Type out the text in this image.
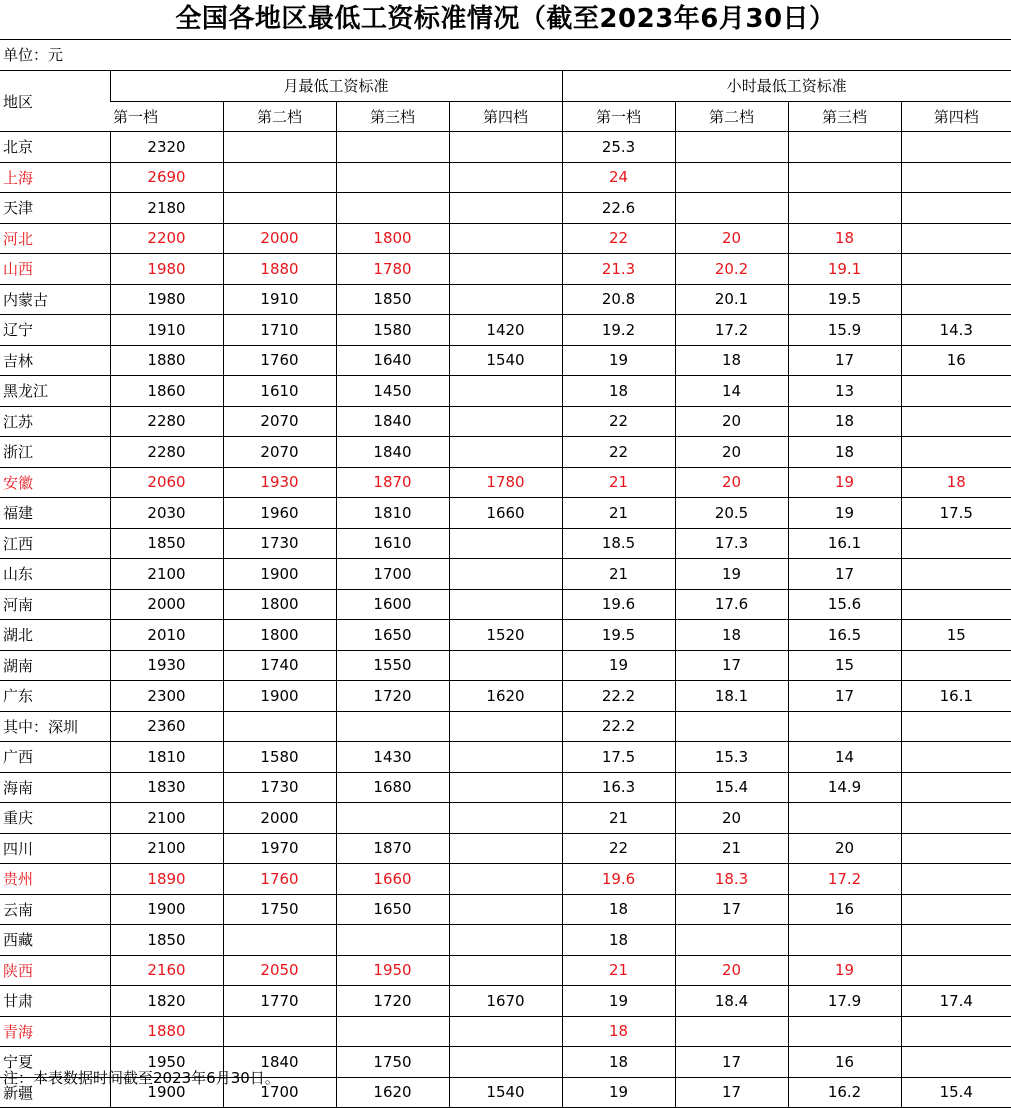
全国各地区最低工资标准情况（截至2023年6月30日）
单位：元
地区	月最低工资标准				小时最低工资标准			
	第一档	第二档	第三档	第四档	第一档	第二档	第三档	第四档
北京	2320				25.3			
上海	2690				24			
天津	2180				22.6			
河北	2200	2000	1800		22	20	18	
山西	1980	1880	1780		21.3	20.2	19.1	
内蒙古	1980	1910	1850		20.8	20.1	19.5	
辽宁	1910	1710	1580	1420	19.2	17.2	15.9	14.3
吉林	1880	1760	1640	1540	19	18	17	16
黑龙江	1860	1610	1450		18	14	13	
江苏	2280	2070	1840		22	20	18	
浙江	2280	2070	1840		22	20	18	
安徽	2060	1930	1870	1780	21	20	19	18
福建	2030	1960	1810	1660	21	20.5	19	17.5
江西	1850	1730	1610		18.5	17.3	16.1	
山东	2100	1900	1700		21	19	17	
河南	2000	1800	1600		19.6	17.6	15.6	
湖北	2010	1800	1650	1520	19.5	18	16.5	15
湖南	1930	1740	1550		19	17	15	
广东	2300	1900	1720	1620	22.2	18.1	17	16.1
其中：深圳	2360				22.2			
广西	1810	1580	1430		17.5	15.3	14	
海南	1830	1730	1680		16.3	15.4	14.9	
重庆	2100	2000			21	20		
四川	2100	1970	1870		22	21	20	
贵州	1890	1760	1660		19.6	18.3	17.2	
云南	1900	1750	1650		18	17	16	
西藏	1850				18			
陕西	2160	2050	1950		21	20	19	
甘肃	1820	1770	1720	1670	19	18.4	17.9	17.4
青海	1880				18			
宁夏	1950	1840	1750		18	17	16	
新疆	1900	1700	1620	1540	19	17	16.2	15.4
注：本表数据时间截至2023年6月30日。
